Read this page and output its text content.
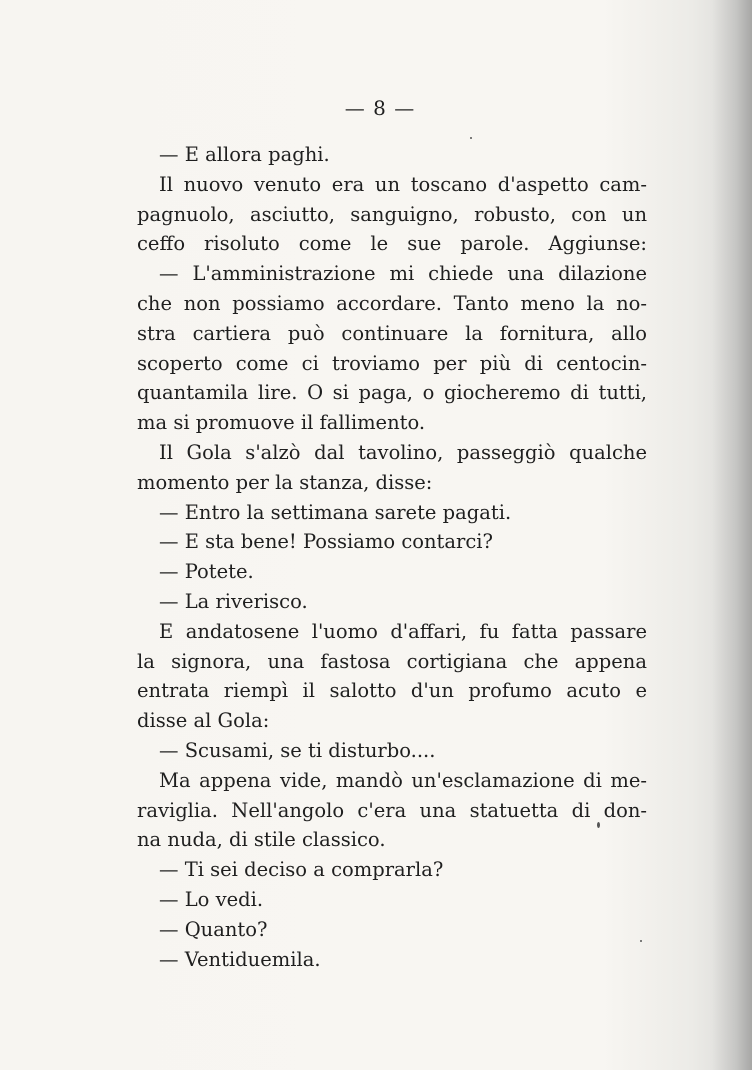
— 8 —
— E allora paghi.
Il nuovo venuto era un toscano d'aspetto cam-
pagnuolo, asciutto, sanguigno, robusto, con un
ceffo risoluto come le sue parole. Aggiunse:
— L'amministrazione mi chiede una dilazione
che non possiamo accordare. Tanto meno la no-
stra cartiera può continuare la fornitura, allo
scoperto come ci troviamo per più di centocin-
quantamila lire. O si paga, o giocheremo di tutti,
ma si promuove il fallimento.
Il Gola s'alzò dal tavolino, passeggiò qualche
momento per la stanza, disse:
— Entro la settimana sarete pagati.
— E sta bene! Possiamo contarci?
— Potete.
— La riverisco.
E andatosene l'uomo d'affari, fu fatta passare
la signora, una fastosa cortigiana che appena
entrata riempì il salotto d'un profumo acuto e
disse al Gola:
— Scusami, se ti disturbo....
Ma appena vide, mandò un'esclamazione di me-
raviglia. Nell'angolo c'era una statuetta di don-
na nuda, di stile classico.
— Ti sei deciso a comprarla?
— Lo vedi.
— Quanto?
— Ventiduemila.
